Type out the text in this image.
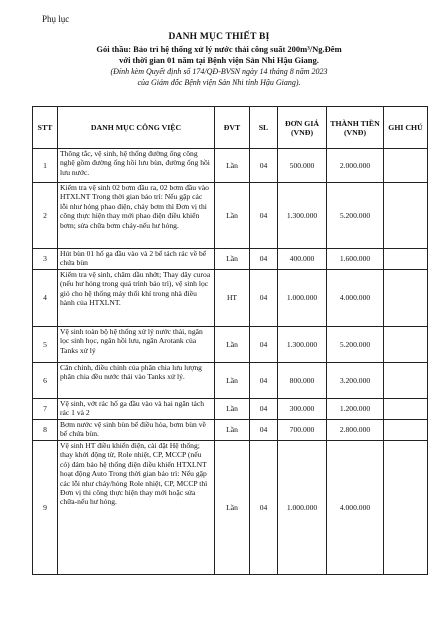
Phụ lục
DANH MỤC THIẾT BỊ
Gói thầu: Bảo trì hệ thống xử lý nước thải công suất 200m³/Ng.Đêm
với thời gian 01 năm tại Bệnh viện Sản Nhi Hậu Giang.
(Đính kèm Quyết định số 174/QĐ-BVSN ngày 14 tháng 8 năm 2023
của Giám đốc Bệnh viện Sản Nhi tỉnh Hậu Giang).
STT	DANH MỤC CÔNG VIỆC	ĐVT	SL	ĐƠN GIÁ (VNĐ)	THÀNH TIỀN (VNĐ)	GHI CHÚ
1	Thông tắc, vệ sinh, hệ thống đường ống công nghệ gồm đường ống hồi lưu bùn, đường ống hồi lưu nước.	Lần	04	500.000	2.000.000	
2	Kiểm tra vệ sinh 02 bơm đầu ra, 02 bơm đầu vào HTXLNT Trong thời gian bảo trì: Nếu gặp các lỗi như hỏng phao điện, cháy bơm thì Đơn vị thi công thực hiện thay mới phao điện điều khiển bơm; sửa chữa bơm cháy-nếu hư hỏng.	Lần	04	1.300.000	5.200.000	
3	Hút bùn 01 hố ga đầu vào và 2 bể tách rác về bể chứa bùn	Lần	04	400.000	1.600.000	
4	Kiểm tra vệ sinh, châm dầu nhớt; Thay dây curoa (nếu hư hỏng trong quá trình bảo trì), vệ sinh lọc gió cho hệ thống máy thổi khí trong nhà điều hành của HTXLNT.	HT	04	1.000.000	4.000.000	
5	Vệ sinh toàn bộ hệ thống xử lý nước thải, ngăn lọc sinh học, ngăn hồi lưu, ngăn Arotank của Tanks xử lý	Lần	04	1.300.000	5.200.000	
6	Cân chỉnh, điều chỉnh của phân chia lưu lượng phân chia đều nước thải vào Tanks xử lý.	Lần	04	800.000	3.200.000	
7	Vệ sinh, vớt rác hố ga đầu vào và hai ngăn tách rác 1 và 2	Lần	04	300.000	1.200.000	
8	Bơm nước vệ sinh bùn bể điều hòa, bơm bùn về bể chứa bùn.	Lần	04	700.000	2.800.000	
9	Vệ sinh HT điều khiển điện, cài đặt Hệ thống; thay khởi động từ, Role nhiệt, CP, MCCP (nếu có) đảm bảo hệ thống điện điều khiển HTXLNT hoạt động Auto Trong thời gian bảo trì: Nếu gặp các lỗi như cháy/hỏng Role nhiệt, CP, MCCP thì Đơn vị thi công thực hiện thay mới hoặc sửa chữa-nếu hư hỏng.	Lần	04	1.000.000	4.000.000	
